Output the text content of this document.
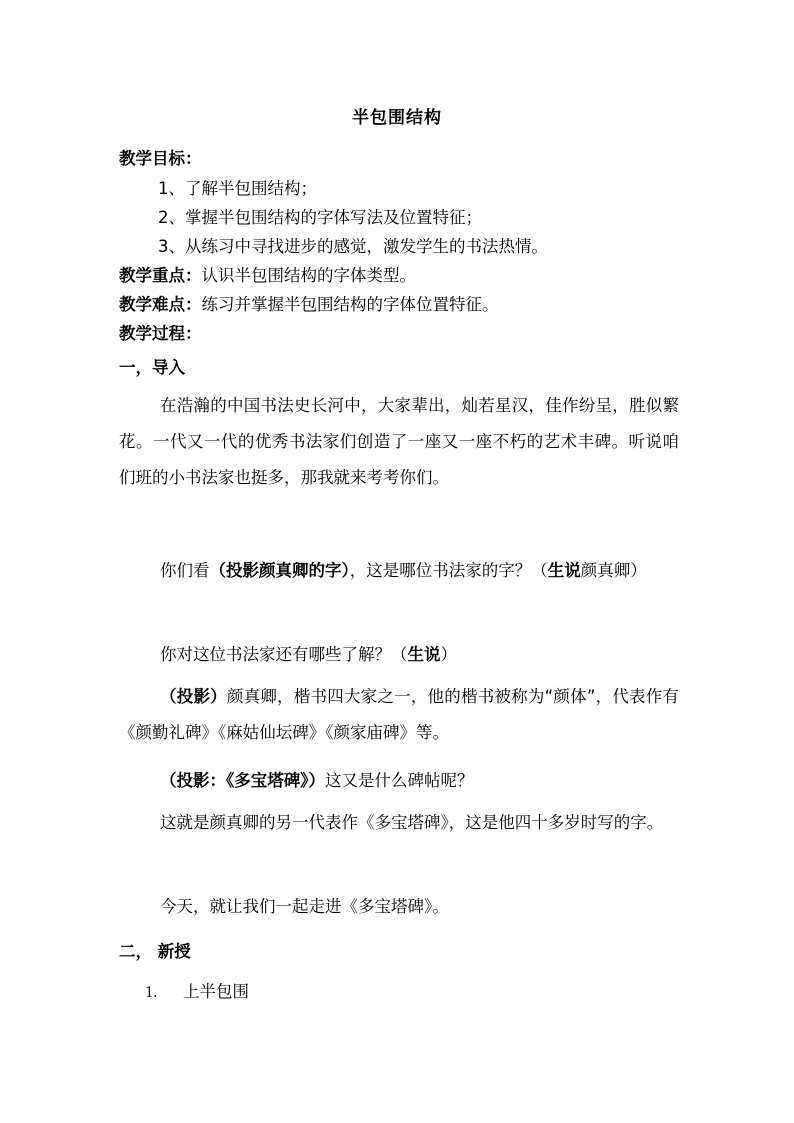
半包围结构
教学目标：
1、了解半包围结构；
2、掌握半包围结构的字体写法及位置特征；
3、从练习中寻找进步的感觉，激发学生的书法热情。
教学重点：认识半包围结构的字体类型。
教学难点：练习并掌握半包围结构的字体位置特征。
教学过程：
一，导入
在浩瀚的中国书法史长河中，大家辈出，灿若星汉，佳作纷呈，胜似繁花。一代又一代的优秀书法家们创造了一座又一座不朽的艺术丰碑。听说咱们班的小书法家也挺多，那我就来考考你们。
你们看（投影颜真卿的字），这是哪位书法家的字？（生说颜真卿）
你对这位书法家还有哪些了解？（生说）
（投影）颜真卿，楷书四大家之一，他的楷书被称为“颜体”，代表作有《颜勤礼碑》《麻姑仙坛碑》《颜家庙碑》等。
（投影：《多宝塔碑》）这又是什么碑帖呢？
这就是颜真卿的另一代表作《多宝塔碑》，这是他四十多岁时写的字。
今天，就让我们一起走进《多宝塔碑》。
二， 新授
1. 上半包围
